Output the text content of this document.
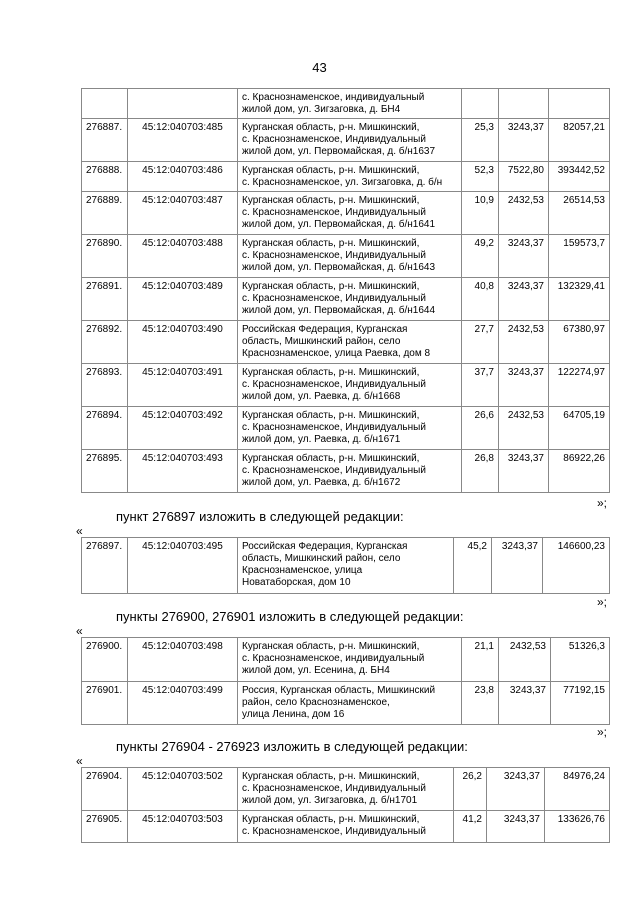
43
		с. Краснознаменское, индивидуальный
жилой дом, ул. Зигзаговка, д. БН4			
276887.	45:12:040703:485	Курганская область, р-н. Мишкинский,
с. Краснознаменское, Индивидуальный
жилой дом, ул. Первомайская, д. б/н1637	25,3	3243,37	82057,21
276888.	45:12:040703:486	Курганская область, р-н. Мишкинский,
с. Краснознаменское, ул. Зигзаговка, д. б/н	52,3	7522,80	393442,52
276889.	45:12:040703:487	Курганская область, р-н. Мишкинский,
с. Краснознаменское, Индивидуальный
жилой дом, ул. Первомайская, д. б/н1641	10,9	2432,53	26514,53
276890.	45:12:040703:488	Курганская область, р-н. Мишкинский,
с. Краснознаменское, Индивидуальный
жилой дом, ул. Первомайская, д. б/н1643	49,2	3243,37	159573,7
276891.	45:12:040703:489	Курганская область, р-н. Мишкинский,
с. Краснознаменское, Индивидуальный
жилой дом, ул. Первомайская, д. б/н1644	40,8	3243,37	132329,41
276892.	45:12:040703:490	Российская Федерация, Курганская
область, Мишкинский район, село
Краснознаменское, улица Раевка, дом 8	27,7	2432,53	67380,97
276893.	45:12:040703:491	Курганская область, р-н. Мишкинский,
с. Краснознаменское, Индивидуальный
жилой дом, ул. Раевка, д. б/н1668	37,7	3243,37	122274,97
276894.	45:12:040703:492	Курганская область, р-н. Мишкинский,
с. Краснознаменское, Индивидуальный
жилой дом, ул. Раевка, д. б/н1671	26,6	2432,53	64705,19
276895.	45:12:040703:493	Курганская область, р-н. Мишкинский,
с. Краснознаменское, Индивидуальный
жилой дом, ул. Раевка, д. б/н1672	26,8	3243,37	86922,26
»;
пункт 276897 изложить в следующей редакции:
«
276897.	45:12:040703:495	Российская Федерация, Курганская
область, Мишкинский район, село
Краснознаменское, улица
Новатаборская, дом 10	45,2	3243,37	146600,23
»;
пункты 276900, 276901 изложить в следующей редакции:
«
276900.	45:12:040703:498	Курганская область, р-н. Мишкинский,
с. Краснознаменское, индивидуальный
жилой дом, ул. Есенина, д. БН4	21,1	2432,53	51326,3
276901.	45:12:040703:499	Россия, Курганская область, Мишкинский
район, село Краснознаменское,
улица Ленина, дом 16	23,8	3243,37	77192,15
»;
пункты 276904 - 276923 изложить в следующей редакции:
«
276904.	45:12:040703:502	Курганская область, р-н. Мишкинский,
с. Краснознаменское, Индивидуальный
жилой дом, ул. Зигзаговка, д. б/н1701	26,2	3243,37	84976,24
276905.	45:12:040703:503	Курганская область, р-н. Мишкинский,
с. Краснознаменское, Индивидуальный	41,2	3243,37	133626,76
